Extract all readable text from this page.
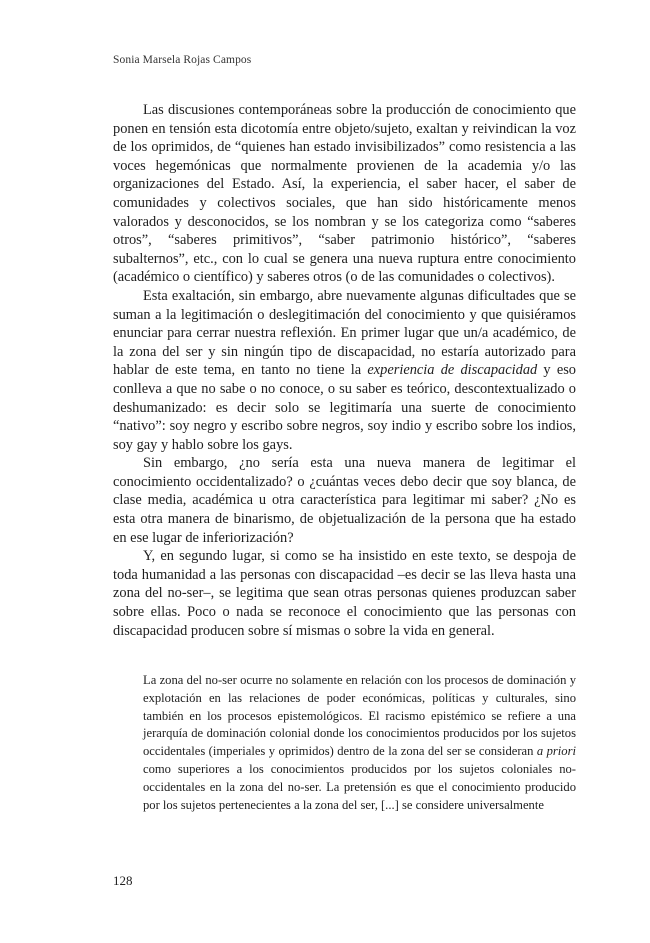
Sonia Marsela Rojas Campos

Las discusiones contemporáneas sobre la producción de conocimiento que ponen en tensión esta dicotomía entre objeto/sujeto, exaltan y reivindican la voz de los oprimidos, de “quienes han estado invisibilizados” como resistencia a las voces hegemónicas que normalmente provienen de la academia y/o las organizaciones del Estado. Así, la experiencia, el saber hacer, el saber de comunidades y colectivos sociales, que han sido históricamente menos valorados y desconocidos, se los nombran y se los categoriza como “saberes otros”, “saberes primitivos”, “saber patrimonio histórico”, “saberes subalternos”, etc., con lo cual se genera una nueva ruptura entre conocimiento (académico o científico) y saberes otros (o de las comunidades o colectivos).

Esta exaltación, sin embargo, abre nuevamente algunas dificultades que se suman a la legitimación o deslegitimación del conocimiento y que quisiéramos enunciar para cerrar nuestra reflexión. En primer lugar que un/a académico, de la zona del ser y sin ningún tipo de discapacidad, no estaría autorizado para hablar de este tema, en tanto no tiene la experiencia de discapacidad y eso conlleva a que no sabe o no conoce, o su saber es teórico, descontextualizado o deshumanizado: es decir solo se legitimaría una suerte de conocimiento “nativo”: soy negro y escribo sobre negros, soy indio y escribo sobre los indios, soy gay y hablo sobre los gays.

Sin embargo, ¿no sería esta una nueva manera de legitimar el conocimiento occidentalizado? o ¿cuántas veces debo decir que soy blanca, de clase media, académica u otra característica para legitimar mi saber? ¿No es esta otra manera de binarismo, de objetualización de la persona que ha estado en ese lugar de inferiorización?

Y, en segundo lugar, si como se ha insistido en este texto, se despoja de toda humanidad a las personas con discapacidad –es decir se las lleva hasta una zona del no-ser–, se legitima que sean otras personas quienes produzcan saber sobre ellas. Poco o nada se reconoce el conocimiento que las personas con discapacidad producen sobre sí mismas o sobre la vida en general.

La zona del no-ser ocurre no solamente en relación con los procesos de dominación y explotación en las relaciones de poder económicas, políticas y culturales, sino también en los procesos epistemológicos. El racismo epistémico se refiere a una jerarquía de dominación colonial donde los conocimientos producidos por los sujetos occidentales (imperiales y oprimidos) dentro de la zona del ser se consideran a priori como superiores a los conocimientos producidos por los sujetos coloniales no-occidentales en la zona del no-ser. La pretensión es que el conocimiento producido por los sujetos pertenecientes a la zona del ser, [...] se considere universalmente

128
